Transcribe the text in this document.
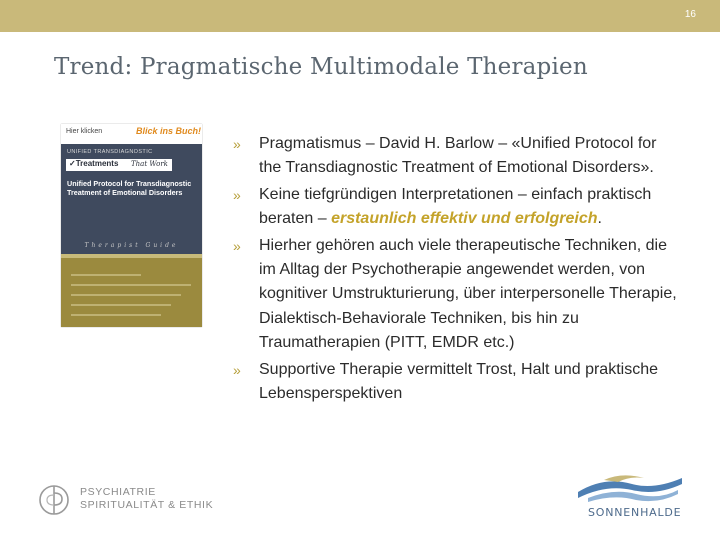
16
Trend: Pragmatische Multimodale Therapien
Hier klicken	Blick ins Buch!
UNIFIED TRANSDIAGNOSTIC
✓Treatments That Work
Unified Protocol for Transdiagnostic Treatment of Emotional Disorders
Therapist Guide
» Pragmatismus – David H. Barlow – «Unified Protocol for the Transdiagnostic Treatment of Emotional Disorders».
» Keine tiefgründigen Interpretationen – einfach praktisch beraten – erstaunlich effektiv und erfolgreich.
» Hierher gehören auch viele therapeutische Techniken, die im Alltag der Psychotherapie angewendet werden, von kognitiver Umstrukturierung, über interpersonelle Therapie, Dialektisch-Behaviorale Techniken, bis hin zu Traumatherapien (PITT, EMDR etc.)
» Supportive Therapie vermittelt Trost, Halt und praktische Lebensperspektiven
PSYCHIATRIE
SPIRITUALITÄT & ETHIK
SONNENHALDE
